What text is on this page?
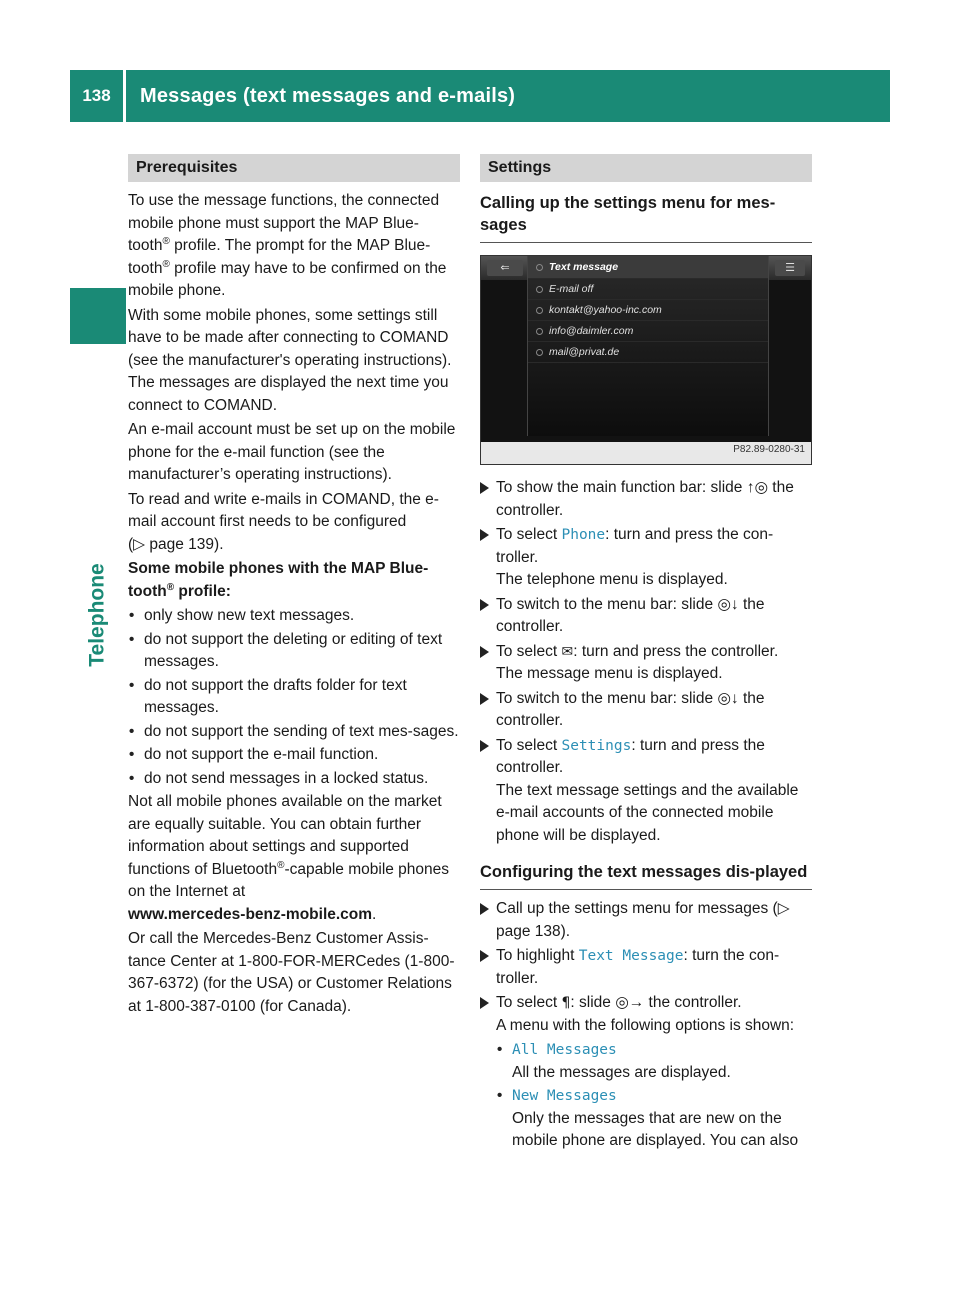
138	Messages (text messages and e-mails)
Telephone
Prerequisites

To use the message functions, the connected mobile phone must support the MAP Blue-tooth® profile. The prompt for the MAP Blue-tooth® profile may have to be confirmed on the mobile phone.

With some mobile phones, some settings still have to be made after connecting to COMAND (see the manufacturer's operating instructions). The messages are displayed the next time you connect to COMAND.

An e-mail account must be set up on the mobile phone for the e-mail function (see the manufacturer’s operating instructions).

To read and write e-mails in COMAND, the e-mail account first needs to be configured
(▷ page 139).

Some mobile phones with the MAP Blue-tooth® profile:

• only show new text messages.
• do not support the deleting or editing of text messages.
• do not support the drafts folder for text messages.
• do not support the sending of text mes-sages.
• do not support the e-mail function.
• do not send messages in a locked status.

Not all mobile phones available on the market are equally suitable. You can obtain further information about settings and supported functions of Bluetooth®-capable mobile phones on the Internet at
www.mercedes-benz-mobile.com.

Or call the Mercedes-Benz Customer Assis-tance Center at 1-800-FOR-MERCedes (1-800-367-6372) (for the USA) or Customer Relations at 1-800-387-0100 (for Canada).

Settings
Calling up the settings menu for mes-sages
⇐	☰
Text message
E-mail off
kontakt@yahoo-inc.com
info@daimler.com
mail@privat.de
P82.89-0280-31
To show the main function bar: slide ↑◎ the controller.
To select Phone: turn and press the con-troller.
The telephone menu is displayed.
To switch to the menu bar: slide ◎↓ the controller.
To select ✉: turn and press the controller.
The message menu is displayed.
To switch to the menu bar: slide ◎↓ the controller.
To select Settings: turn and press the controller.
The text message settings and the available e-mail accounts of the connected mobile phone will be displayed.
Configuring the text messages dis-played
Call up the settings menu for messages (▷ page 138).
To highlight Text Message: turn the con-troller.
To select ¶: slide ◎→ the controller.
A menu with the following options is shown:
• All Messages
All the messages are displayed.
• New Messages
Only the messages that are new on the mobile phone are displayed. You can also
